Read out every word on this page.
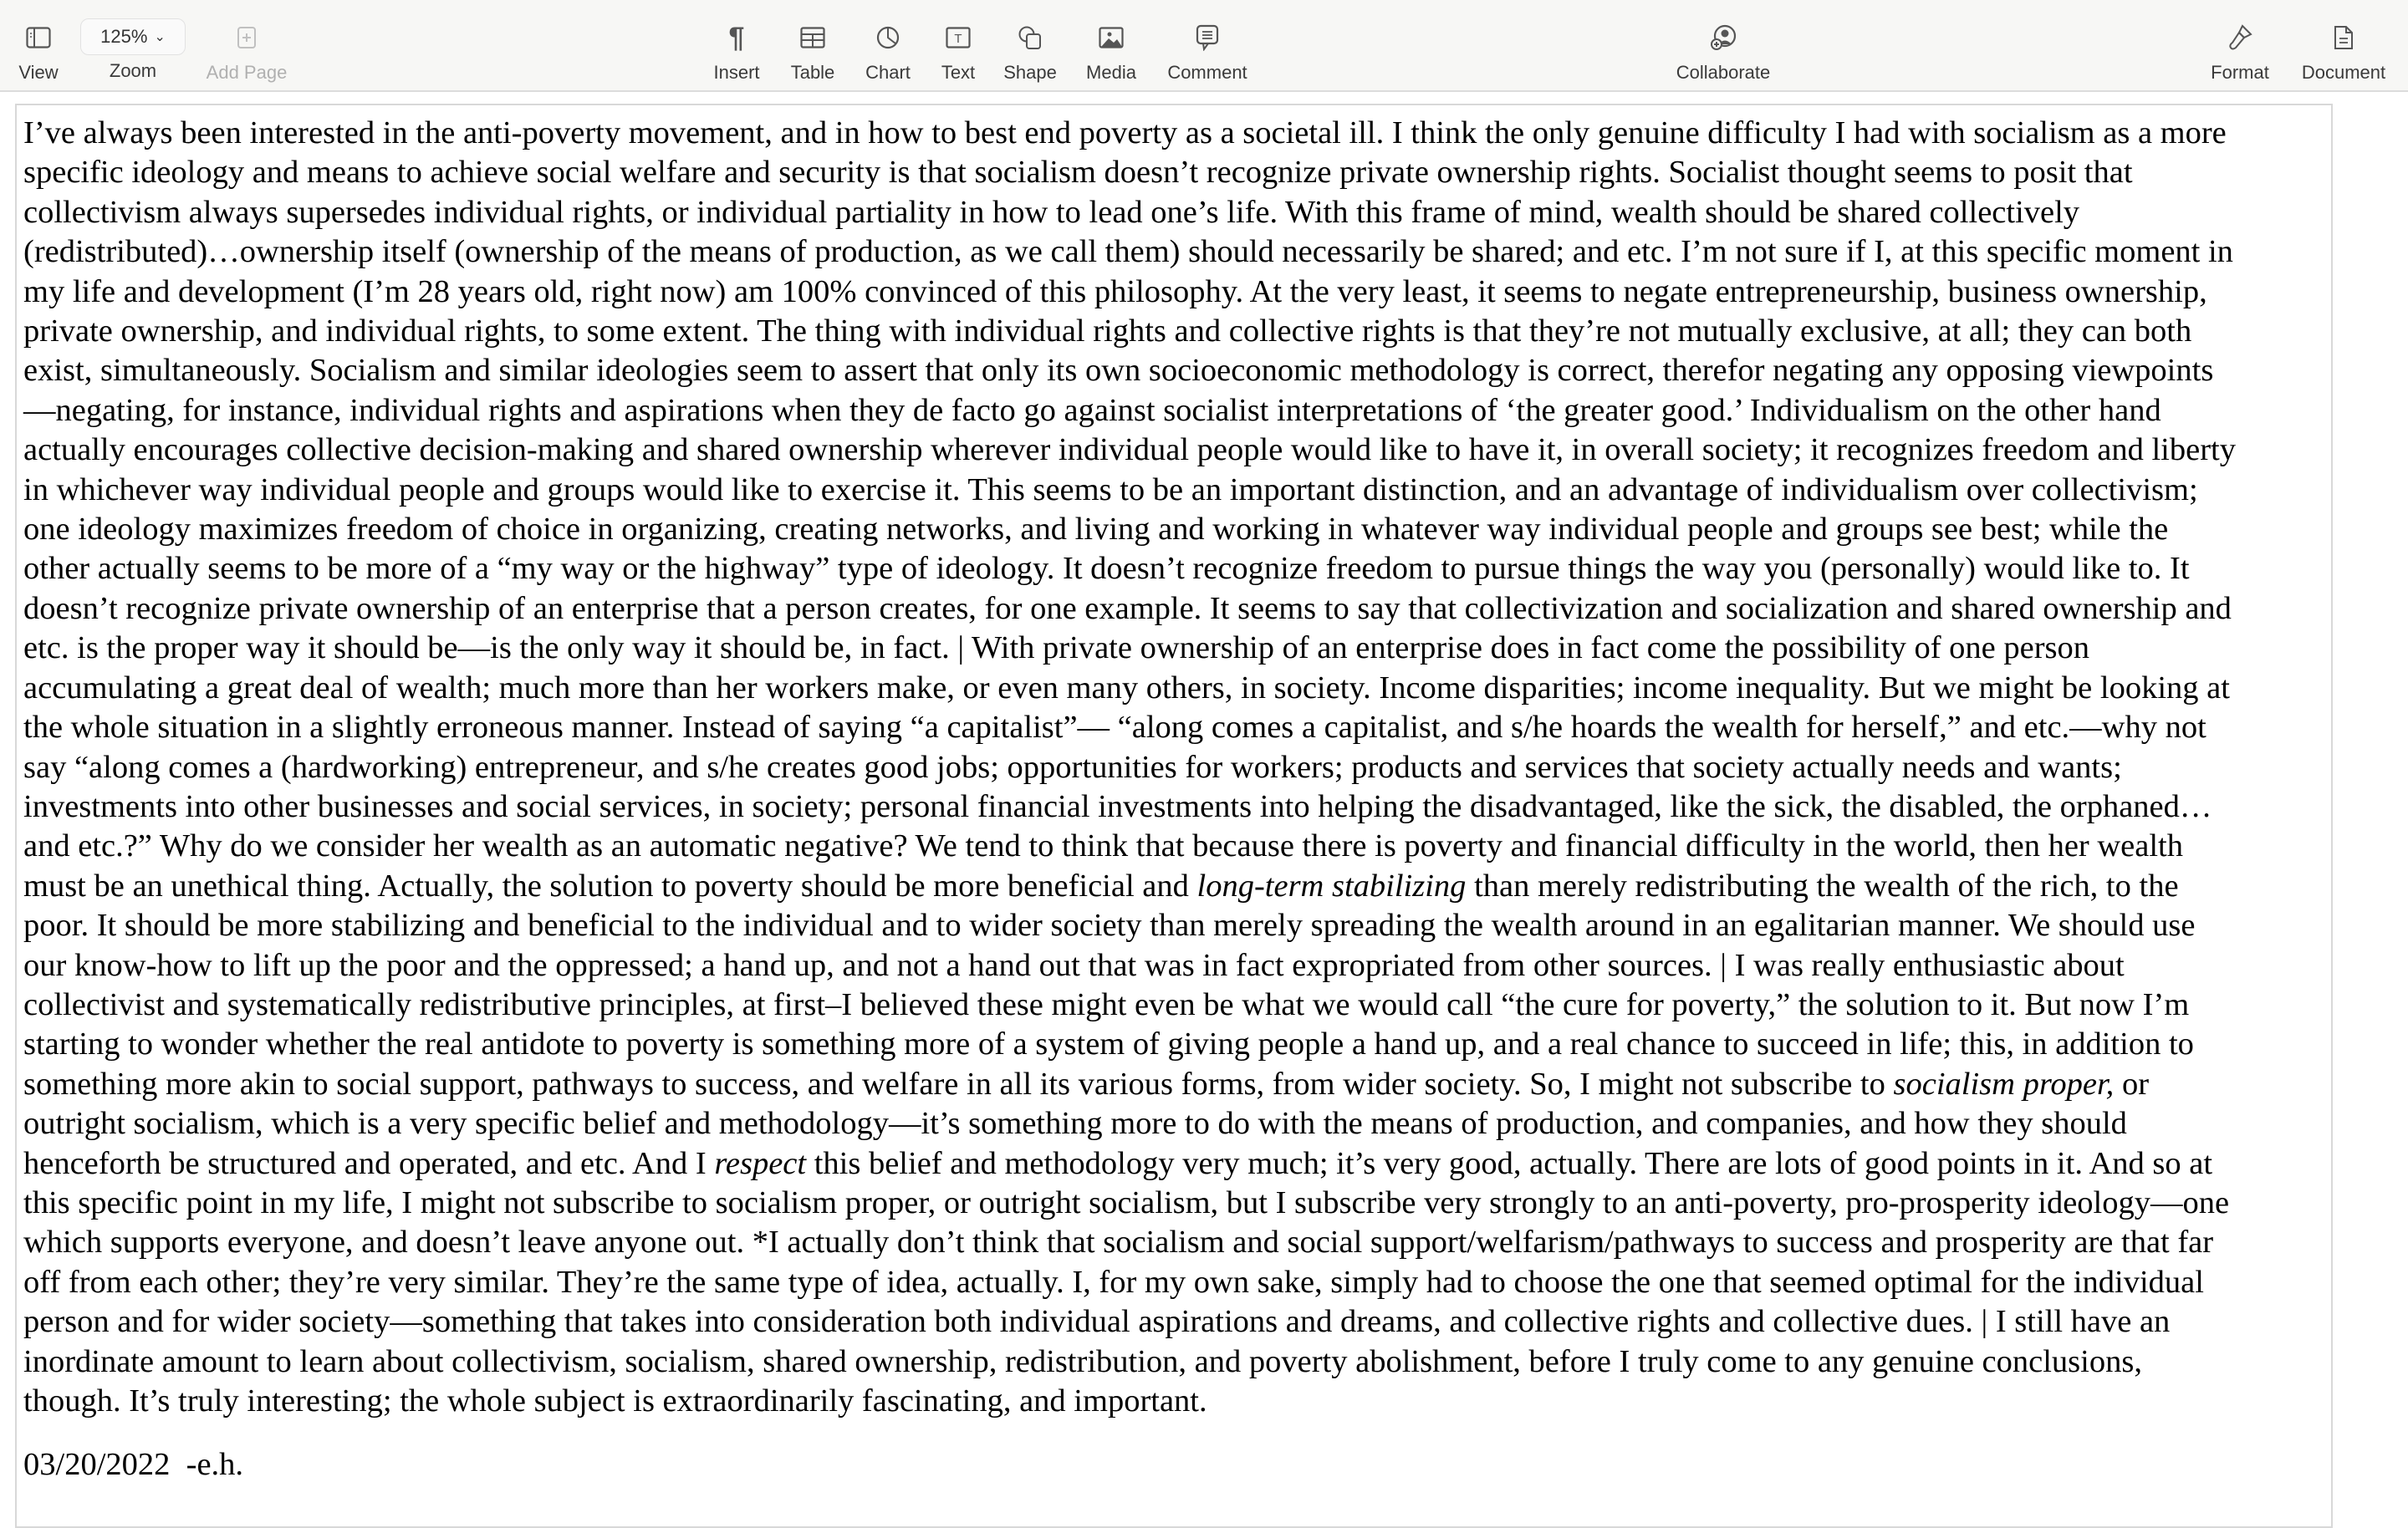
View
125% ⌄
Zoom	Add Page
¶
Insert Table Chart
T
Text Shape Media Comment	Collaborate	Format Document
I’ve always been interested in the anti-poverty movement, and in how to best end poverty as a societal ill. I think the only genuine difficulty I had with socialism as a more
specific ideology and means to achieve social welfare and security is that socialism doesn’t recognize private ownership rights. Socialist thought seems to posit that
collectivism always supersedes individual rights, or individual partiality in how to lead one’s life. With this frame of mind, wealth should be shared collectively
(redistributed)…ownership itself (ownership of the means of production, as we call them) should necessarily be shared; and etc. I’m not sure if I, at this specific moment in
my life and development (I’m 28 years old, right now) am 100% convinced of this philosophy. At the very least, it seems to negate entrepreneurship, business ownership,
private ownership, and individual rights, to some extent. The thing with individual rights and collective rights is that they’re not mutually exclusive, at all; they can both
exist, simultaneously. Socialism and similar ideologies seem to assert that only its own socioeconomic methodology is correct, therefor negating any opposing viewpoints
—negating, for instance, individual rights and aspirations when they de facto go against socialist interpretations of ‘the greater good.’ Individualism on the other hand
actually encourages collective decision-making and shared ownership wherever individual people would like to have it, in overall society; it recognizes freedom and liberty
in whichever way individual people and groups would like to exercise it. This seems to be an important distinction, and an advantage of individualism over collectivism;
one ideology maximizes freedom of choice in organizing, creating networks, and living and working in whatever way individual people and groups see best; while the
other actually seems to be more of a “my way or the highway” type of ideology. It doesn’t recognize freedom to pursue things the way you (personally) would like to. It
doesn’t recognize private ownership of an enterprise that a person creates, for one example. It seems to say that collectivization and socialization and shared ownership and
etc. is the proper way it should be—is the only way it should be, in fact. | With private ownership of an enterprise does in fact come the possibility of one person
accumulating a great deal of wealth; much more than her workers make, or even many others, in society. Income disparities; income inequality. But we might be looking at
the whole situation in a slightly erroneous manner. Instead of saying “a capitalist”— “along comes a capitalist, and s/he hoards the wealth for herself,” and etc.—why not
say “along comes a (hardworking) entrepreneur, and s/he creates good jobs; opportunities for workers; products and services that society actually needs and wants;
investments into other businesses and social services, in society; personal financial investments into helping the disadvantaged, like the sick, the disabled, the orphaned…
and etc.?” Why do we consider her wealth as an automatic negative? We tend to think that because there is poverty and financial difficulty in the world, then her wealth
must be an unethical thing. Actually, the solution to poverty should be more beneficial and long-term stabilizing than merely redistributing the wealth of the rich, to the
poor. It should be more stabilizing and beneficial to the individual and to wider society than merely spreading the wealth around in an egalitarian manner. We should use
our know-how to lift up the poor and the oppressed; a hand up, and not a hand out that was in fact expropriated from other sources. | I was really enthusiastic about
collectivist and systematically redistributive principles, at first–I believed these might even be what we would call “the cure for poverty,” the solution to it. But now I’m
starting to wonder whether the real antidote to poverty is something more of a system of giving people a hand up, and a real chance to succeed in life; this, in addition to
something more akin to social support, pathways to success, and welfare in all its various forms, from wider society. So, I might not subscribe to socialism proper, or
outright socialism, which is a very specific belief and methodology—it’s something more to do with the means of production, and companies, and how they should
henceforth be structured and operated, and etc. And I respect this belief and methodology very much; it’s very good, actually. There are lots of good points in it. And so at
this specific point in my life, I might not subscribe to socialism proper, or outright socialism, but I subscribe very strongly to an anti-poverty, pro-prosperity ideology—one
which supports everyone, and doesn’t leave anyone out. *I actually don’t think that socialism and social support/welfarism/pathways to success and prosperity are that far
off from each other; they’re very similar. They’re the same type of idea, actually. I, for my own sake, simply had to choose the one that seemed optimal for the individual
person and for wider society—something that takes into consideration both individual aspirations and dreams, and collective rights and collective dues. | I still have an
inordinate amount to learn about collectivism, socialism, shared ownership, redistribution, and poverty abolishment, before I truly come to any genuine conclusions,
though. It’s truly interesting; the whole subject is extraordinarily fascinating, and important.
03/20/2022  -e.h.
